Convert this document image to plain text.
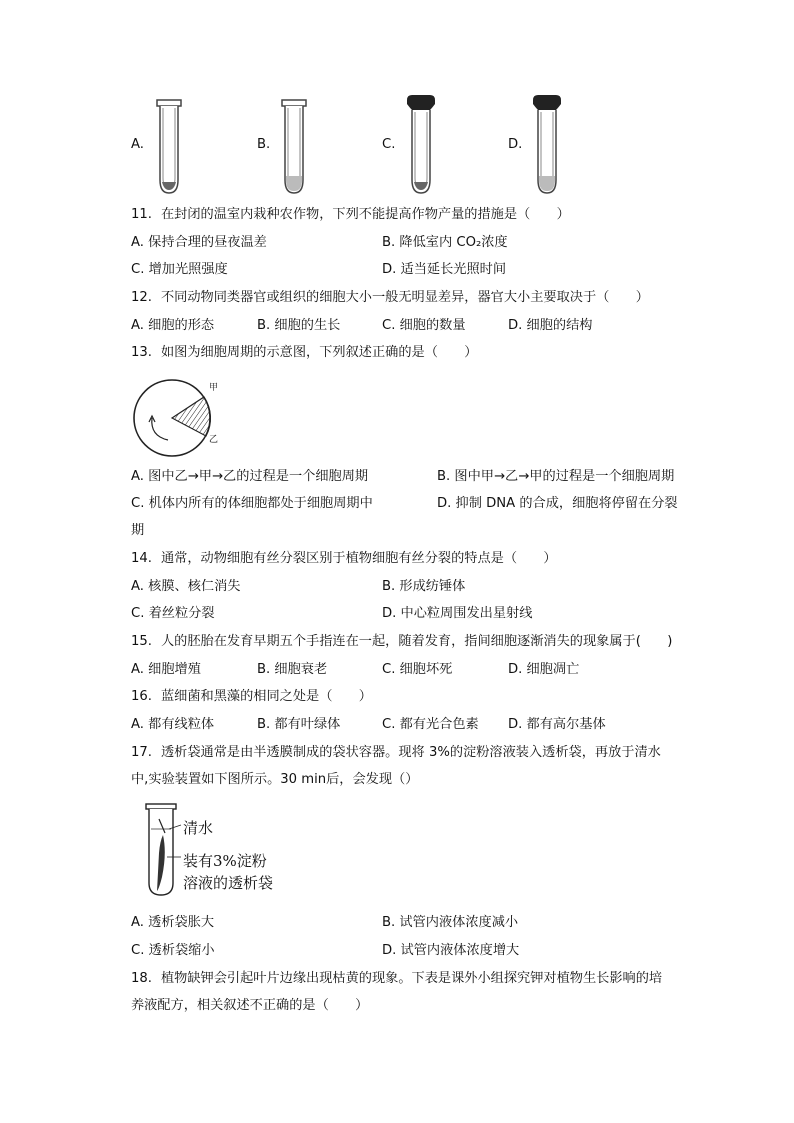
A.	B.	C.	D.
11. 在封闭的温室内栽种农作物，下列不能提高作物产量的措施是（　　）
A. 保持合理的昼夜温差	B. 降低室内 CO₂浓度
C. 增加光照强度	D. 适当延长光照时间
12. 不同动物同类器官或组织的细胞大小一般无明显差异，器官大小主要取决于（　　）
A. 细胞的形态	B. 细胞的生长	C. 细胞的数量	D. 细胞的结构
13. 如图为细胞周期的示意图，下列叙述正确的是（　　）
甲
乙
A. 图中乙→甲→乙的过程是一个细胞周期	B. 图中甲→乙→甲的过程是一个细胞周期
C. 机体内所有的体细胞都处于细胞周期中	D. 抑制 DNA 的合成，细胞将停留在分裂
期
14. 通常，动物细胞有丝分裂区别于植物细胞有丝分裂的特点是（　　）
A. 核膜、核仁消失	B. 形成纺锤体
C. 着丝粒分裂	D. 中心粒周围发出星射线
15. 人的胚胎在发育早期五个手指连在一起，随着发育，指间细胞逐渐消失的现象属于(　　)
A. 细胞增殖	B. 细胞衰老	C. 细胞坏死	D. 细胞凋亡
16. 蓝细菌和黑藻的相同之处是（　　）
A. 都有线粒体	B. 都有叶绿体	C. 都有光合色素 D. 都有高尔基体
17. 透析袋通常是由半透膜制成的袋状容器。现将 3%的淀粉溶液装入透析袋，再放于清水
中,实验装置如下图所示。30 min后，会发现（）
清水
装有3%淀粉
溶液的透析袋
A. 透析袋胀大	B. 试管内液体浓度减小
C. 透析袋缩小	D. 试管内液体浓度增大
18. 植物缺钾会引起叶片边缘出现枯黄的现象。下表是课外小组探究钾对植物生长影响的培
养液配方，相关叙述不正确的是（　　）
